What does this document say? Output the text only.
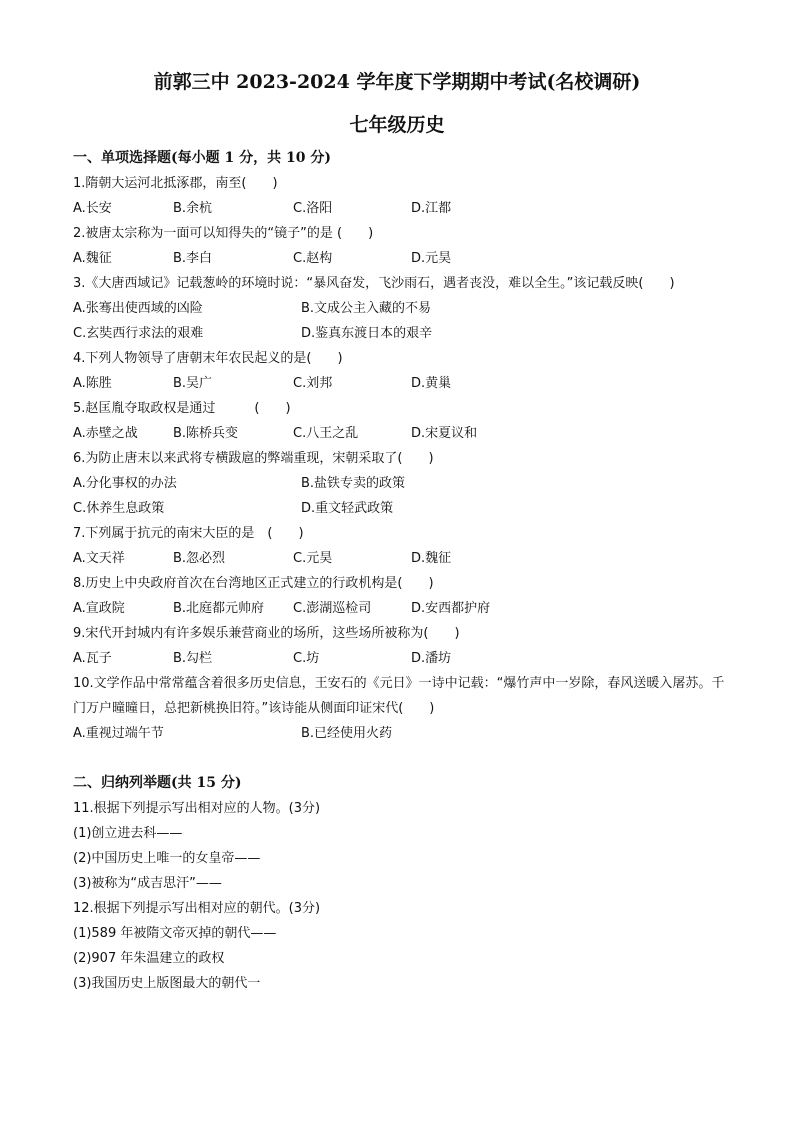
前郭三中 2023-2024 学年度下学期期中考试(名校调研)
七年级历史
一、单项选择题(每小题 1 分，共 10 分)
1.隋朝大运河北抵涿郡，南至(　　)
A.长安	B.余杭	C.洛阳	D.江都
2.被唐太宗称为一面可以知得失的“镜子”的是 (　　)
A.魏征	B.李白	C.赵构	D.元昊
3.《大唐西域记》记载葱岭的环境时说：“暴风奋发，飞沙雨石，遇者丧没，难以全生。”该记载反映(　　)
A.张骞出使西域的凶险	B.文成公主入藏的不易
C.玄奘西行求法的艰难	D.鉴真东渡日本的艰辛
4.下列人物领导了唐朝末年农民起义的是(　　)
A.陈胜	B.吴广	C.刘邦	D.黄巢
5.赵匡胤夺取政权是通过　　　(　　)
A.赤壁之战	B.陈桥兵变	C.八王之乱	D.宋夏议和
6.为防止唐末以来武将专横跋扈的弊端重现，宋朝采取了(　　)
A.分化事权的办法	B.盐铁专卖的政策
C.休养生息政策	D.重文轻武政策
7.下列属于抗元的南宋大臣的是　(　　)
A.文天祥	B.忽必烈	C.元昊	D.魏征
8.历史上中央政府首次在台湾地区正式建立的行政机构是(　　)
A.宣政院	B.北庭都元帅府	C.澎湖巡检司	D.安西都护府
9.宋代开封城内有许多娱乐兼营商业的场所，这些场所被称为(　　)
A.瓦子	B.勾栏	C.坊	D.潘坊
10.文学作品中常常蕴含着很多历史信息，王安石的《元日》一诗中记载：“爆竹声中一岁除，春风送暖入屠苏。千门万户曈曈日，总把新桃换旧符。”该诗能从侧面印证宋代(　　)
A.重视过端午节	B.已经使用火药
二、归纳列举题(共 15 分)
11.根据下列提示写出相对应的人物。(3分)
(1)创立进去科——
(2)中国历史上唯一的女皇帝——
(3)被称为“成吉思汗”——
12.根据下列提示写出相对应的朝代。(3分)
(1)589 年被隋文帝灭掉的朝代——
(2)907 年朱温建立的政权
(3)我国历史上版图最大的朝代一
